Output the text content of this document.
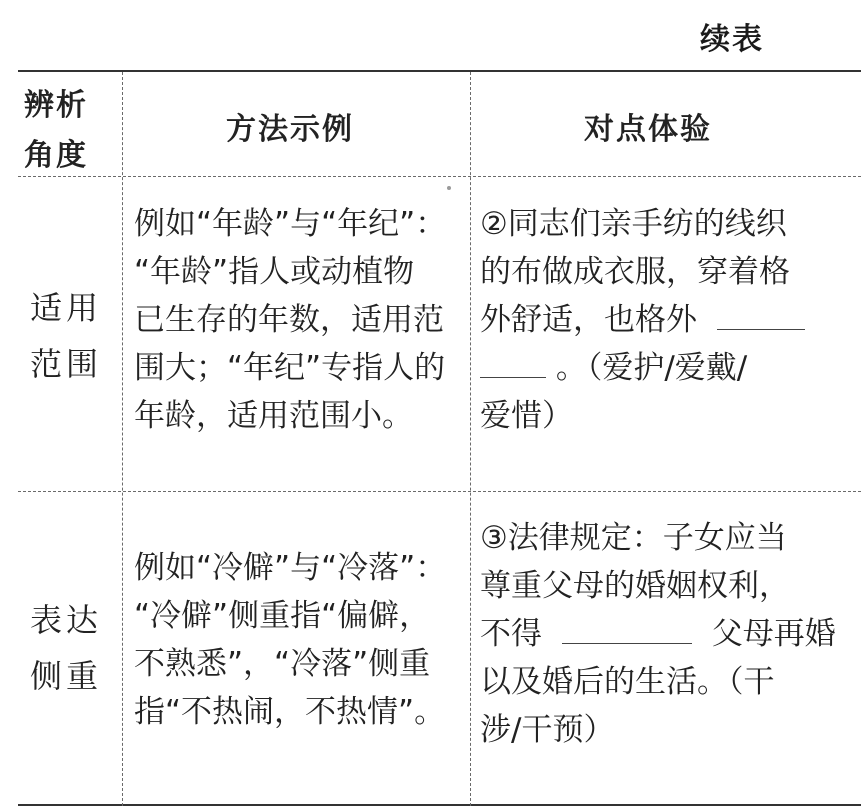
续表
辨析
角度
方法示例	对点体验
适用
范围
例如“年龄”与“年纪”：
“年龄”指人或动植物
已生存的年数，适用范
围大；“年纪”专指人的
年龄，适用范围小。
②同志们亲手纺的线织
的布做成衣服，穿着格
外舒适，也格外
。（爱护/爱戴/
爱惜）
表达
侧重
例如“冷僻”与“冷落”：
“冷僻”侧重指“偏僻，
不熟悉”，“冷落”侧重
指“不热闹，不热情”。
③法律规定：子女应当
尊重父母的婚姻权利，
不得	父母再婚
以及婚后的生活。（干
涉/干预）
